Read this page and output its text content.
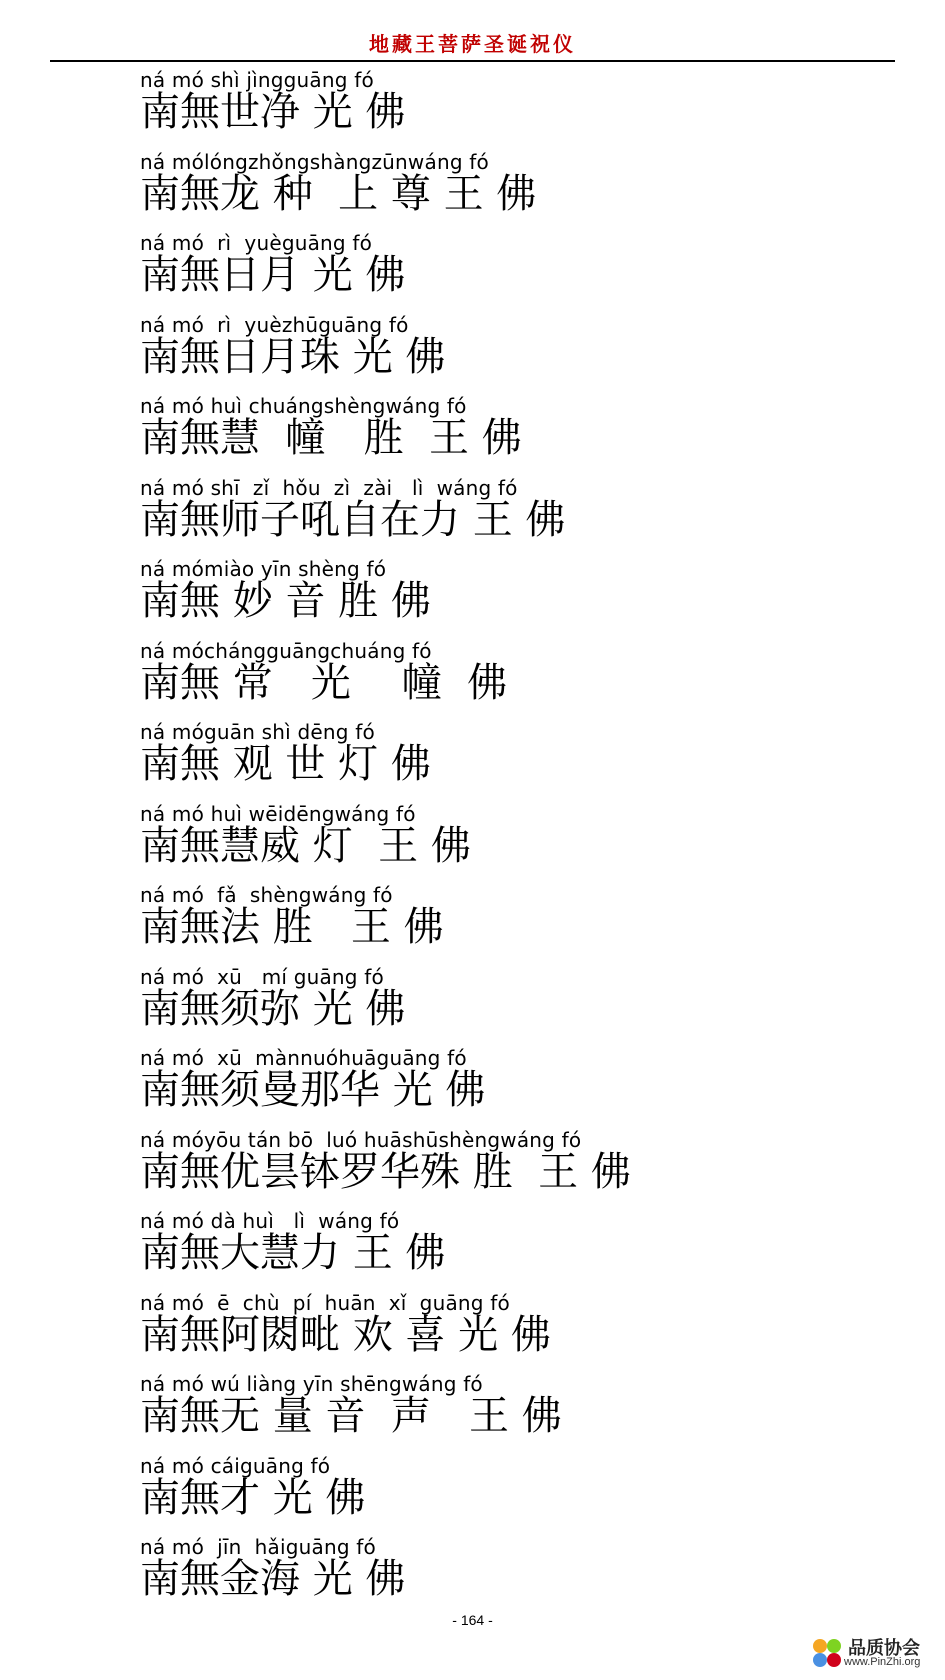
地藏王菩萨圣诞祝仪
ná mó shì jìngguāng fó
南無世净 光 佛
ná mólóngzhǒngshàngzūnwáng fó
南無龙 种  上 尊 王 佛
ná mó  rì  yuèguāng fó
南無日月 光 佛
ná mó  rì  yuèzhūguāng fó
南無日月珠 光 佛
ná mó huì chuángshèngwáng fó
南無慧  幢   胜  王 佛
ná mó shī  zǐ  hǒu  zì  zài   lì  wáng fó
南無师子吼自在力 王 佛
ná mómiào yīn shèng fó
南無 妙 音 胜 佛
ná móchángguāngchuáng fó
南無 常   光    幢  佛
ná móguān shì dēng fó
南無 观 世 灯 佛
ná mó huì wēidēngwáng fó
南無慧威 灯  王 佛
ná mó  fǎ  shèngwáng fó
南無法 胜   王 佛
ná mó  xū   mí guāng fó
南無须弥 光 佛
ná mó  xū  mànnuóhuāguāng fó
南無须曼那华 光 佛
ná móyōu tán bō  luó huāshūshèngwáng fó
南無优昙钵罗华殊 胜  王 佛
ná mó dà huì   lì  wáng fó
南無大慧力 王 佛
ná mó  ē  chù  pí  huān  xǐ  guāng fó
南無阿閦毗 欢 喜 光 佛
ná mó wú liàng yīn shēngwáng fó
南無无 量 音  声   王 佛
ná mó cáiguāng fó
南無才 光 佛
ná mó  jīn  hǎiguāng fó
南無金海 光 佛
- 164 -
品质协会
www.PinZhi.org
